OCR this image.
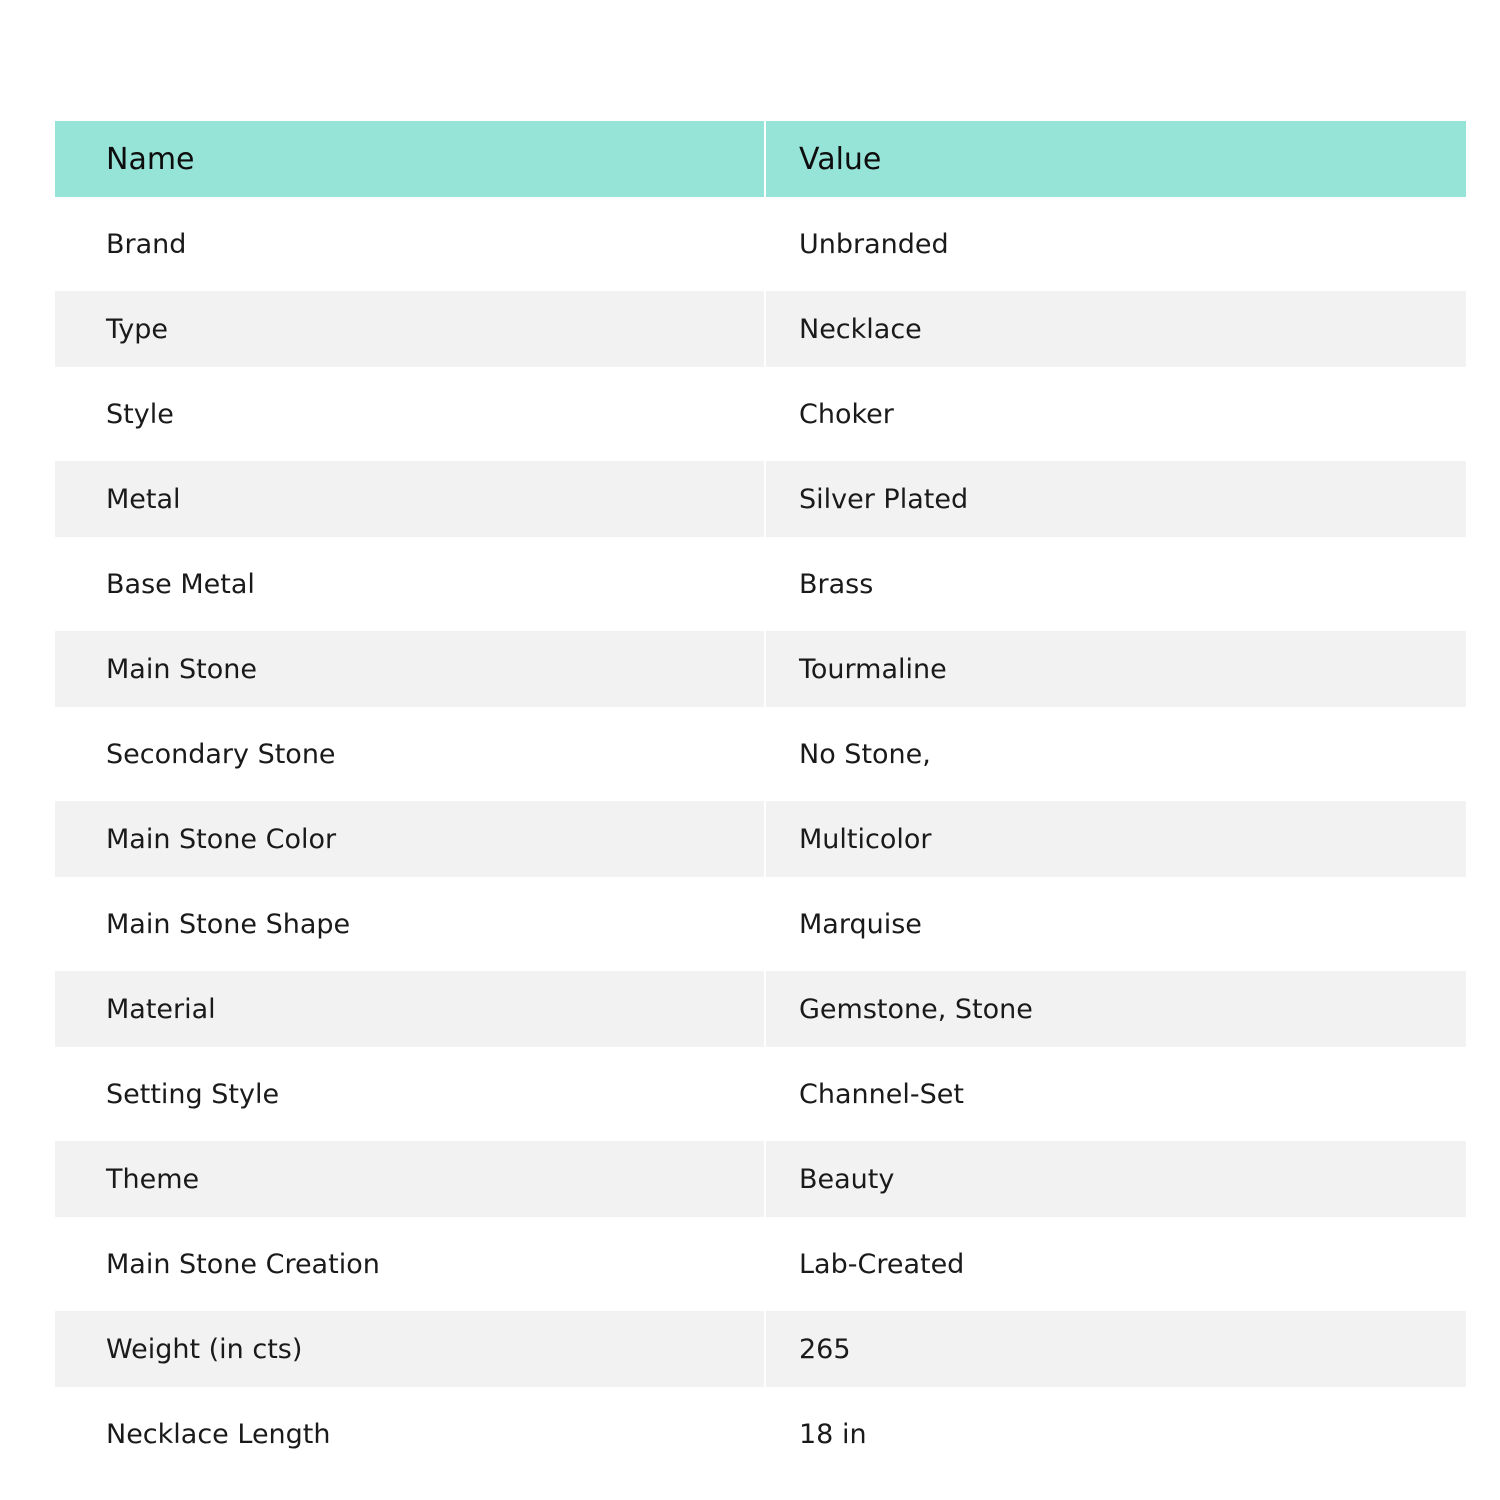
Name	Value
Brand	Unbranded
Type	Necklace
Style	Choker
Metal	Silver Plated
Base Metal	Brass
Main Stone	Tourmaline
Secondary Stone	No Stone,
Main Stone Color	Multicolor
Main Stone Shape	Marquise
Material	Gemstone, Stone
Setting Style	Channel-Set
Theme	Beauty
Main Stone Creation	Lab-Created
Weight (in cts)	265
Necklace Length	18 in
